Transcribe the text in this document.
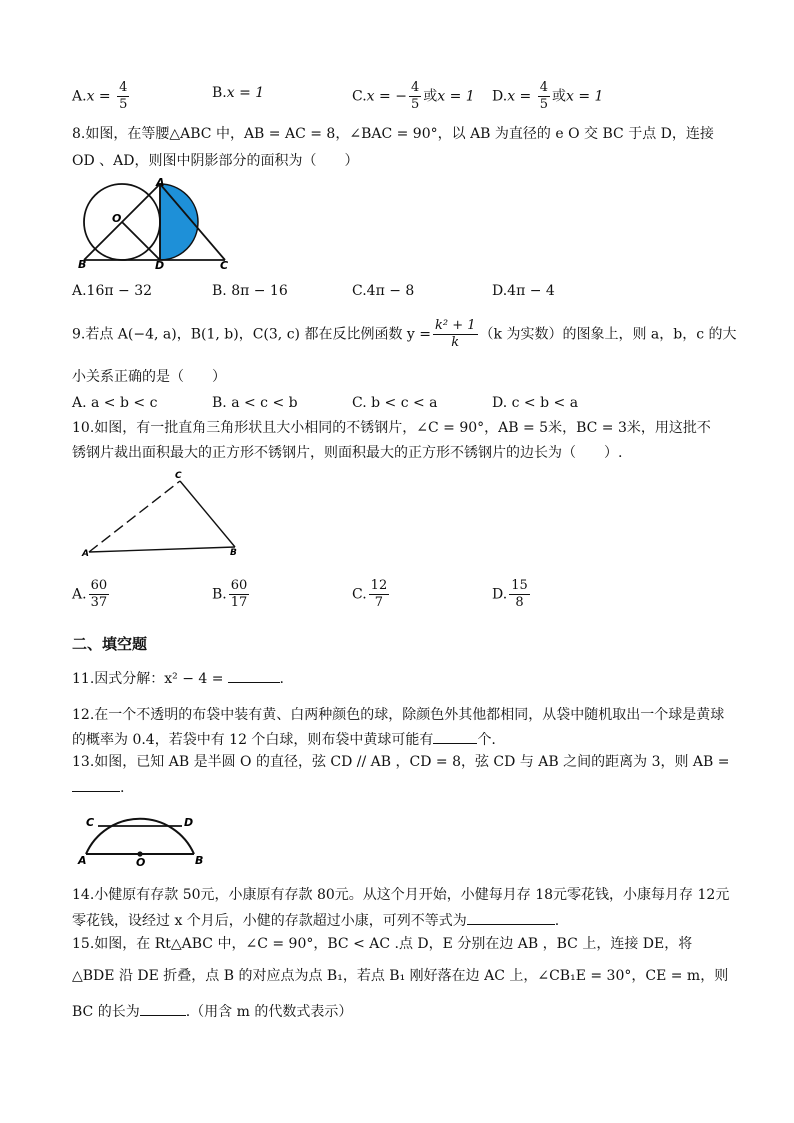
$A.x = \frac{4}{5}$	B.x = 1	C.x = − $\frac{4}{5}$ 或x = 1 $D.x = \frac{4}{5}$ 或x = 1
8.如图，在等腰△ABC 中，AB = AC = 8，∠BAC = 90°，以 AB 为直径的 e O 交 BC 于点 D，连接
OD 、AD，则图中阴影部分的面积为（　　）
A
O
B	D	C
A.16π − 32	B. 8π − 16	C.4π − 8	D.4π − 4
9.若点 A(−4, a)，B(1, b)，C(3, c) 都在反比例函数 $y = \frac{\text{k² + 1}}{k} (k$ 为实数）的图象上，则 a，b，c 的大
小关系正确的是（　　）
A. a < b < c	B. a < c < b	C. b < c < a	D. c < b < a
10.如图，有一批直角三角形状且大小相同的不锈钢片，∠C = 90°，AB = 5米，BC = 3米，用这批不
锈钢片裁出面积最大的正方形不锈钢片，则面积最大的正方形不锈钢片的边长为（　　）.
C
A	B
A. $\frac{60}{37}$	B. $\frac{60}{17}$	C. $\frac{12}{7}$	D. $\frac{15}{8}$
二、填空题
11.因式分解：x² − 4 =	.
12.在一个不透明的布袋中装有黄、白两种颜色的球，除颜色外其他都相同，从袋中随机取出一个球是黄球
的概率为 0.4，若袋中有 12 个白球，则布袋中黄球可能有	个.
13.如图，已知 AB 是半圆 O 的直径，弦 CD // AB ，CD = 8，弦 CD 与 AB 之间的距离为 3，则 AB =
.
C	D
A	O	B
14.小健原有存款 50元，小康原有存款 80元。从这个月开始，小健每月存 18元零花钱，小康每月存 12元
零花钱，设经过 x 个月后，小健的存款超过小康，可列不等式为	.
15.如图，在 Rt△ABC 中，∠C = 90°，BC < AC .点 D，E 分别在边 AB ，BC 上，连接 DE，将
△BDE 沿 DE 折叠，点 B 的对应点为点 B₁，若点 B₁ 刚好落在边 AC 上，∠CB₁E = 30°，CE = m，则
BC 的长为	.（用含 m 的代数式表示）
